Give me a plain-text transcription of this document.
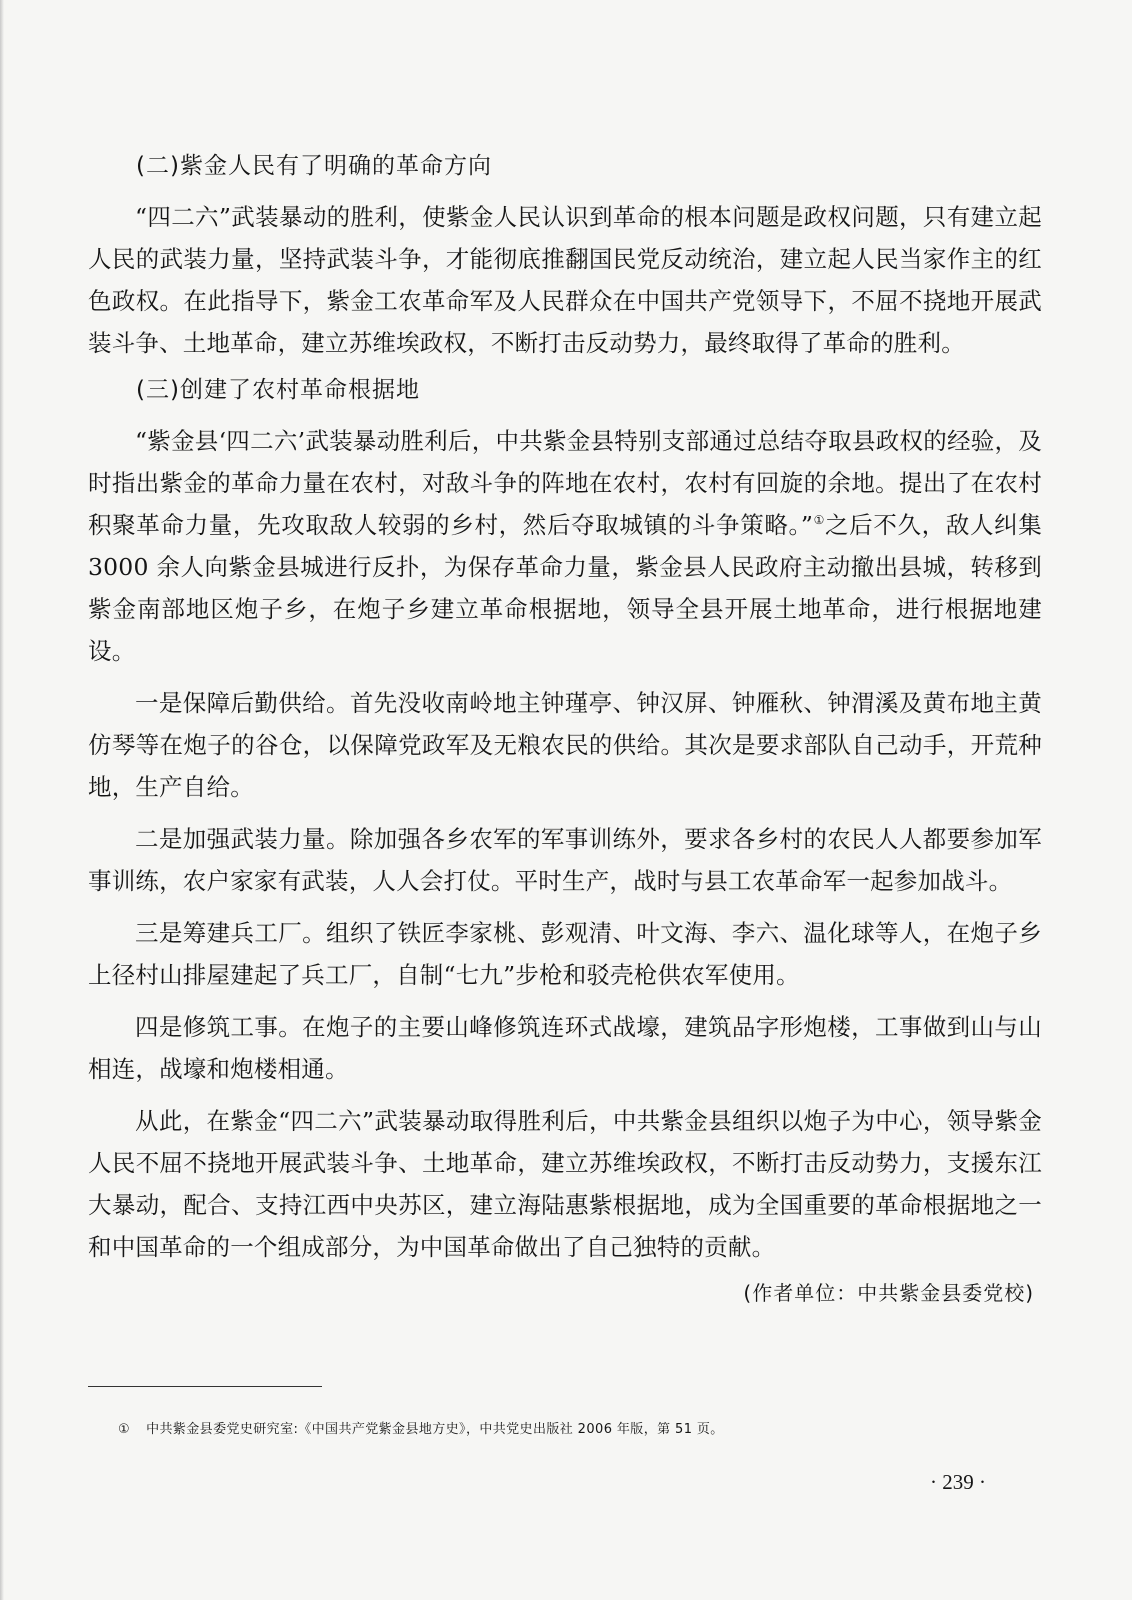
(二)紫金人民有了明确的革命方向

“四二六”武装暴动的胜利，使紫金人民认识到革命的根本问题是政权问题，只有建立起人民的武装力量，坚持武装斗争，才能彻底推翻国民党反动统治，建立起人民当家作主的红色政权。在此指导下，紫金工农革命军及人民群众在中国共产党领导下，不屈不挠地开展武装斗争、土地革命，建立苏维埃政权，不断打击反动势力，最终取得了革命的胜利。

(三)创建了农村革命根据地

“紫金县‘四二六’武装暴动胜利后，中共紫金县特别支部通过总结夺取县政权的经验，及时指出紫金的革命力量在农村，对敌斗争的阵地在农村，农村有回旋的余地。提出了在农村积聚革命力量，先攻取敌人较弱的乡村，然后夺取城镇的斗争策略。”①之后不久，敌人纠集 3000 余人向紫金县城进行反扑，为保存革命力量，紫金县人民政府主动撤出县城，转移到紫金南部地区炮子乡，在炮子乡建立革命根据地，领导全县开展土地革命，进行根据地建设。

一是保障后勤供给。首先没收南岭地主钟瑾亭、钟汉屏、钟雁秋、钟渭溪及黄布地主黄仿琴等在炮子的谷仓，以保障党政军及无粮农民的供给。其次是要求部队自己动手，开荒种地，生产自给。

二是加强武装力量。除加强各乡农军的军事训练外，要求各乡村的农民人人都要参加军事训练，农户家家有武装，人人会打仗。平时生产，战时与县工农革命军一起参加战斗。

三是筹建兵工厂。组织了铁匠李家桃、彭观清、叶文海、李六、温化球等人，在炮子乡上径村山排屋建起了兵工厂，自制“七九”步枪和驳壳枪供农军使用。

四是修筑工事。在炮子的主要山峰修筑连环式战壕，建筑品字形炮楼，工事做到山与山相连，战壕和炮楼相通。

从此，在紫金“四二六”武装暴动取得胜利后，中共紫金县组织以炮子为中心，领导紫金人民不屈不挠地开展武装斗争、土地革命，建立苏维埃政权，不断打击反动势力，支援东江大暴动，配合、支持江西中央苏区，建立海陆惠紫根据地，成为全国重要的革命根据地之一和中国革命的一个组成部分，为中国革命做出了自己独特的贡献。

(作者单位：中共紫金县委党校)

① 中共紫金县委党史研究室:《中国共产党紫金县地方史》，中共党史出版社 2006 年版，第 51 页。
· 239 ·
